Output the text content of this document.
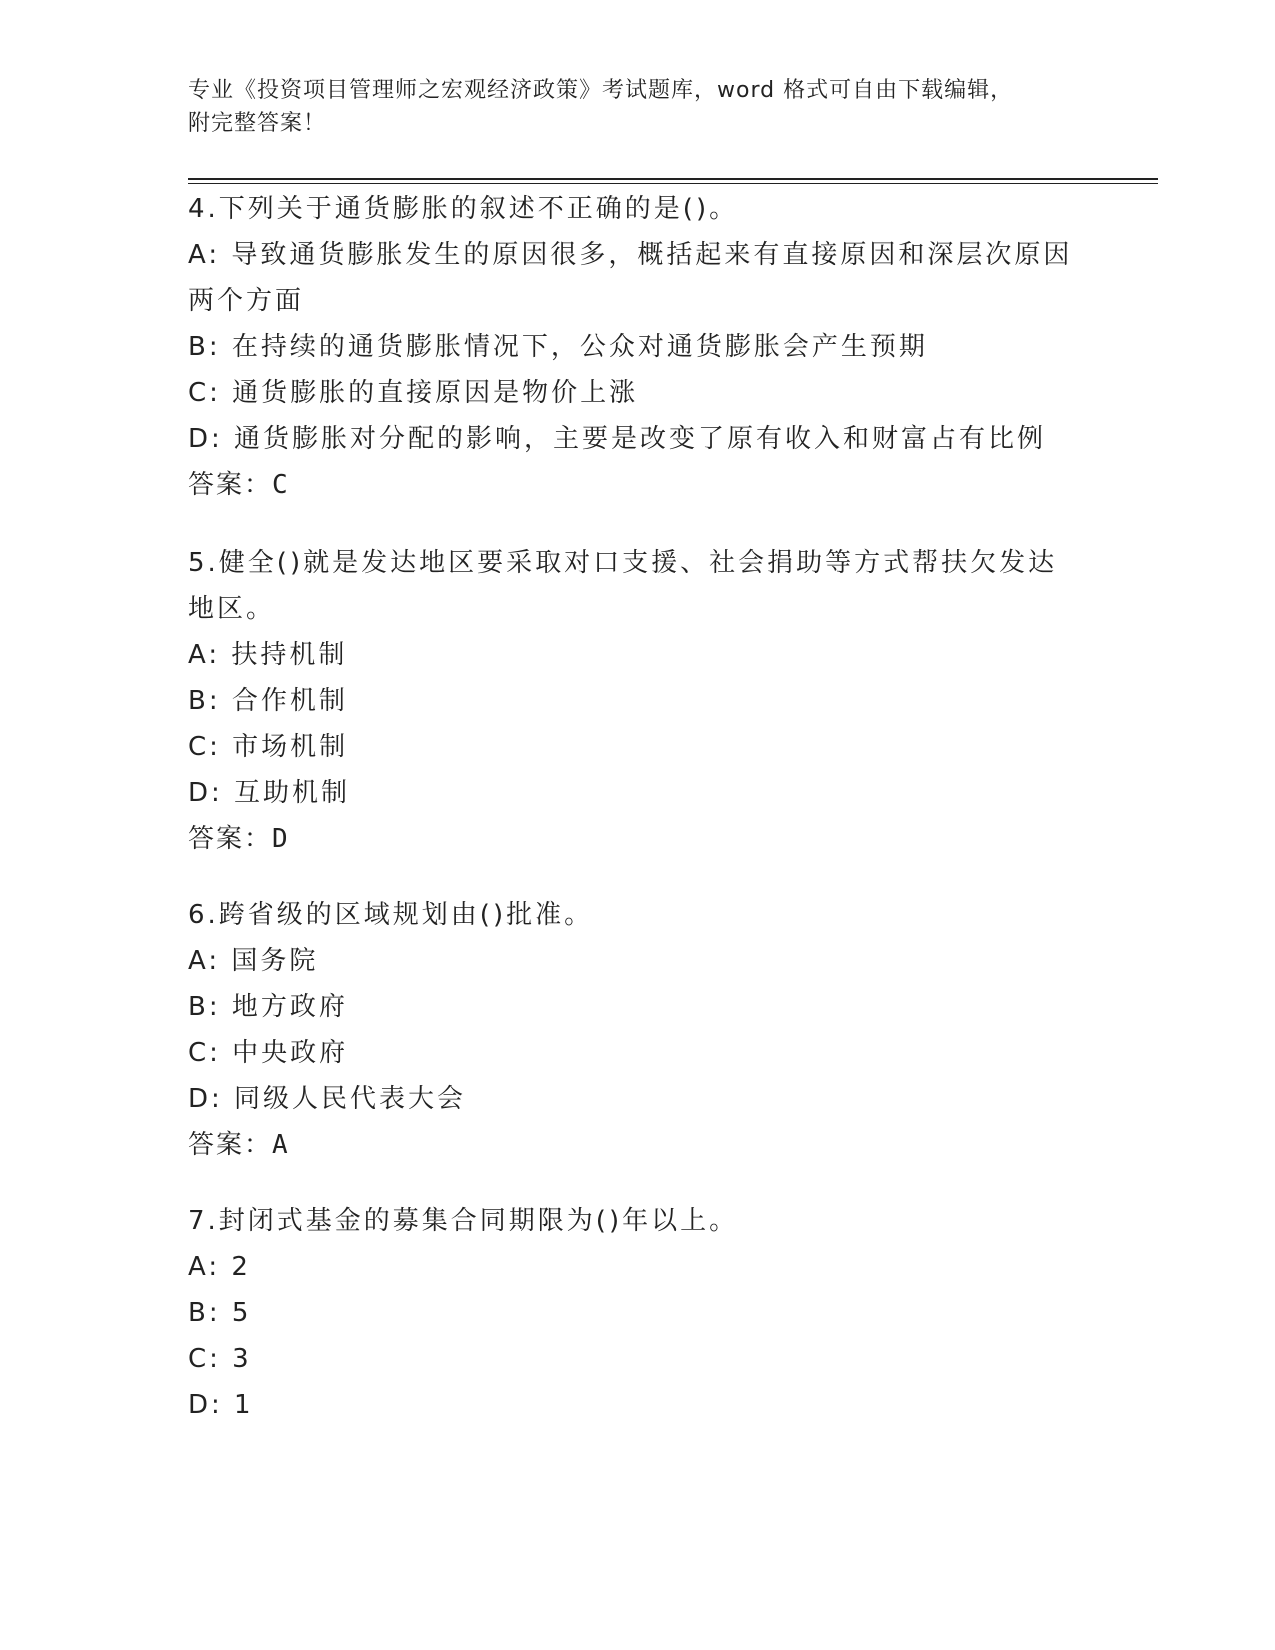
专业《投资项目管理师之宏观经济政策》考试题库，word 格式可自由下载编辑，
附完整答案！
4.下列关于通货膨胀的叙述不正确的是()。
A: 导致通货膨胀发生的原因很多，概括起来有直接原因和深层次原因
两个方面
B: 在持续的通货膨胀情况下，公众对通货膨胀会产生预期
C: 通货膨胀的直接原因是物价上涨
D: 通货膨胀对分配的影响，主要是改变了原有收入和财富占有比例
答案：C
5.健全()就是发达地区要采取对口支援、社会捐助等方式帮扶欠发达
地区。
A: 扶持机制
B: 合作机制
C: 市场机制
D: 互助机制
答案：D
6.跨省级的区域规划由()批准。
A: 国务院
B: 地方政府
C: 中央政府
D: 同级人民代表大会
答案：A
7.封闭式基金的募集合同期限为()年以上。
A: 2
B: 5
C: 3
D: 1
